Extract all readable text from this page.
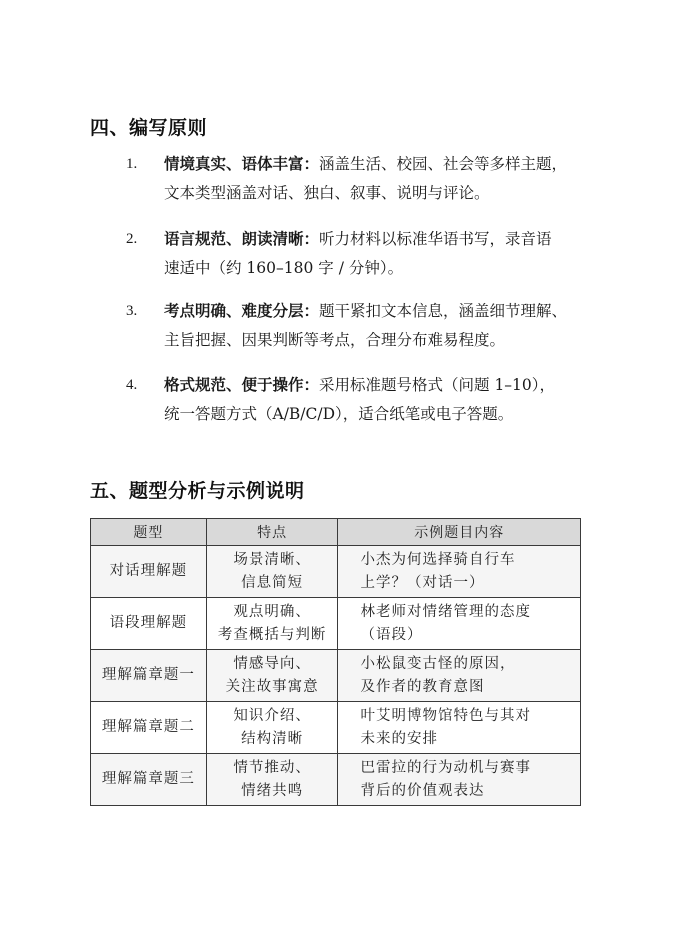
四、编写原则
1.	情境真实、语体丰富：涵盖生活、校园、社会等多样主题，
文本类型涵盖对话、独白、叙事、说明与评论。
2.	语言规范、朗读清晰：听力材料以标准华语书写，录音语
速适中（约 160–180 字 / 分钟）。
3.	考点明确、难度分层：题干紧扣文本信息，涵盖细节理解、
主旨把握、因果判断等考点，合理分布难易程度。
4.	格式规范、便于操作：采用标准题号格式（问题 1–10），
统一答题方式（A/B/C/D），适合纸笔或电子答题。
五、题型分析与示例说明
题型	特点	示例题目内容
对话理解题	场景清晰、
信息简短	小杰为何选择骑自行车
上学？（对话一）

语段理解题	观点明确、
考查概括与判断	林老师对情绪管理的态度
（语段）

理解篇章题一	情感导向、
关注故事寓意	小松鼠变古怪的原因，
及作者的教育意图

理解篇章题二	知识介绍、
结构清晰	叶艾明博物馆特色与其对
未来的安排

理解篇章题三	情节推动、
情绪共鸣	巴雷拉的行为动机与赛事
背后的价值观表达
